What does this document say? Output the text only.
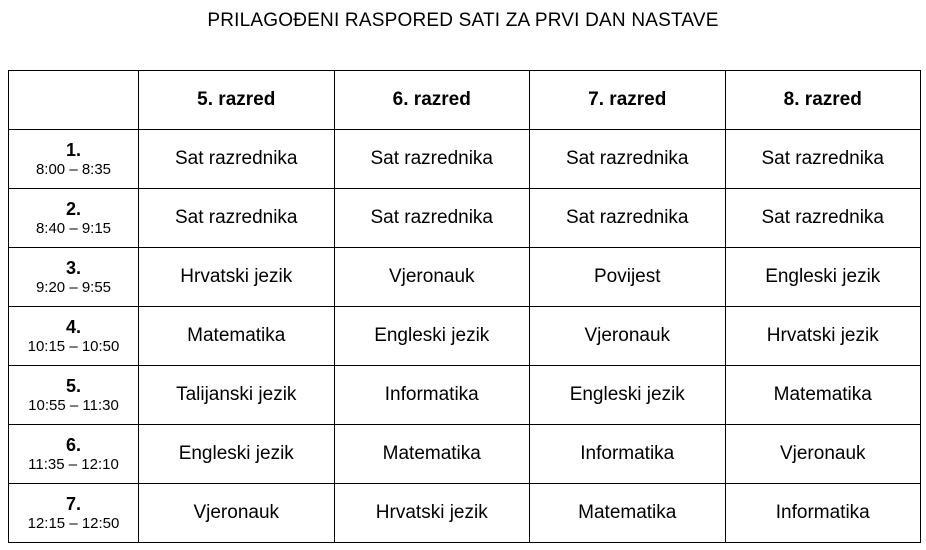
PRILAGOĐENI RASPORED SATI ZA PRVI DAN NASTAVE
	5. razred	6. razred	7. razred	8. razred

1.
8:00 – 8:35	Sat razrednika	Sat razrednika	Sat razrednika	Sat razrednika

2.
8:40 – 9:15	Sat razrednika	Sat razrednika	Sat razrednika	Sat razrednika

3.
9:20 – 9:55	Hrvatski jezik	Vjeronauk	Povijest	Engleski jezik

4.
10:15 – 10:50	Matematika	Engleski jezik	Vjeronauk	Hrvatski jezik

5.
10:55 – 11:30	Talijanski jezik	Informatika	Engleski jezik	Matematika

6.
11:35 – 12:10	Engleski jezik	Matematika	Informatika	Vjeronauk

7.
12:15 – 12:50	Vjeronauk	Hrvatski jezik	Matematika	Informatika
